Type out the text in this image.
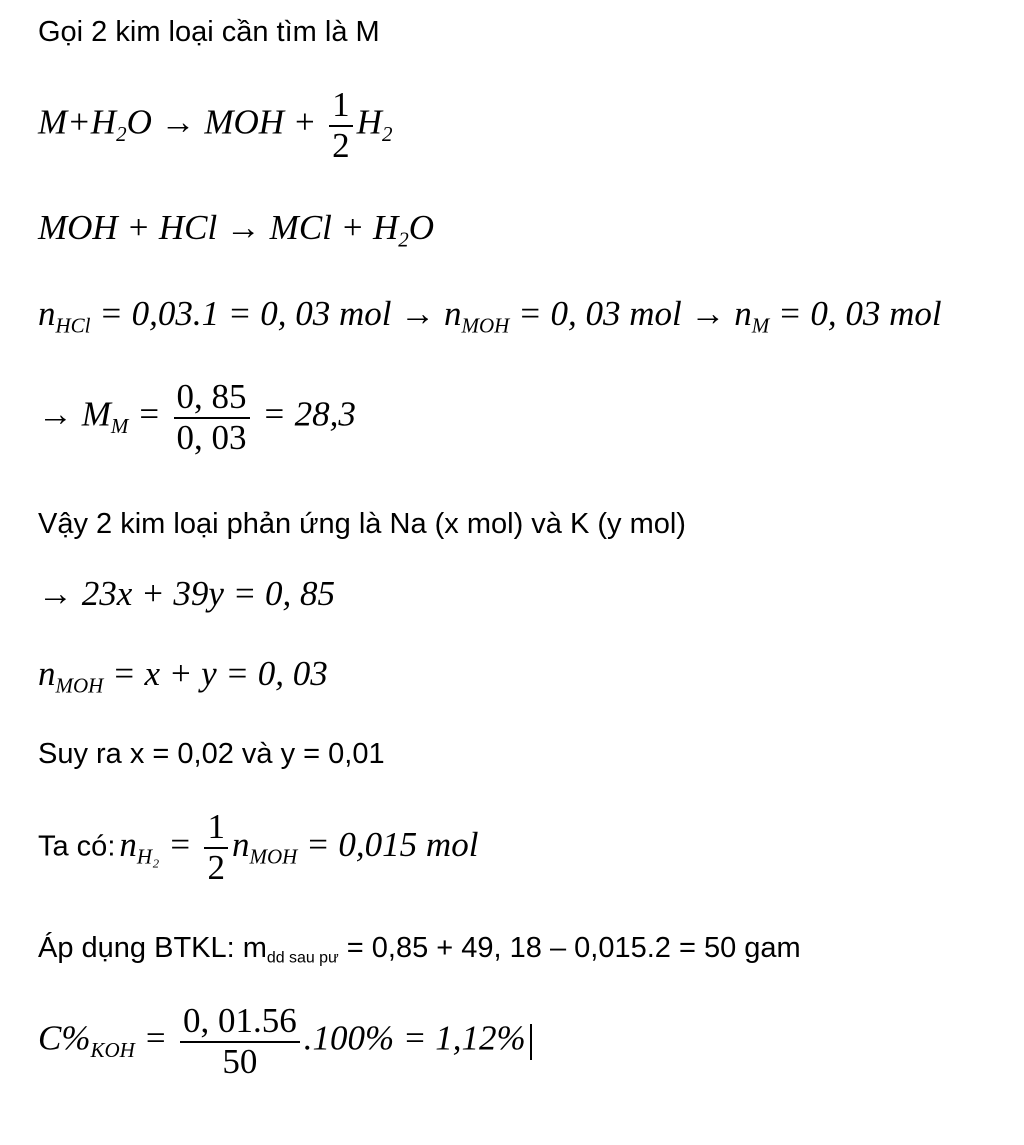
Gọi 2 kim loại cần tìm là M
$M+H_2O$ → MOH + $\frac{1}{2} H_2$
MOH + HCl → MCl + $H_2O$
$n_{HCl} = 0,03.1 = 0$, 03 mol → $n_{MOH} = 0$, 03 mol → $n_M = 0$, 03 mol
→ $M_M = \frac{0, 85}{0, 03} = 28,3$
Vậy 2 kim loại phản ứng là Na (x mol) và K (y mol)
→ 23x + 39y = 0, 85
$n_{MOH} = x + y = 0$, 03
Suy ra x = 0,02 và y = 0,01
Ta có: $n_{H_2} = \frac{1}{2} n_{MOH} = 0,015$ mol
Áp dụng BTKL: $m_{dd sau pư} = 0,85 + 49$, 18 – 0,015.2 = 50 gam
$C\%_{KOH} = \frac{0, 01.56}{50} .100\% = 1,12\%$
